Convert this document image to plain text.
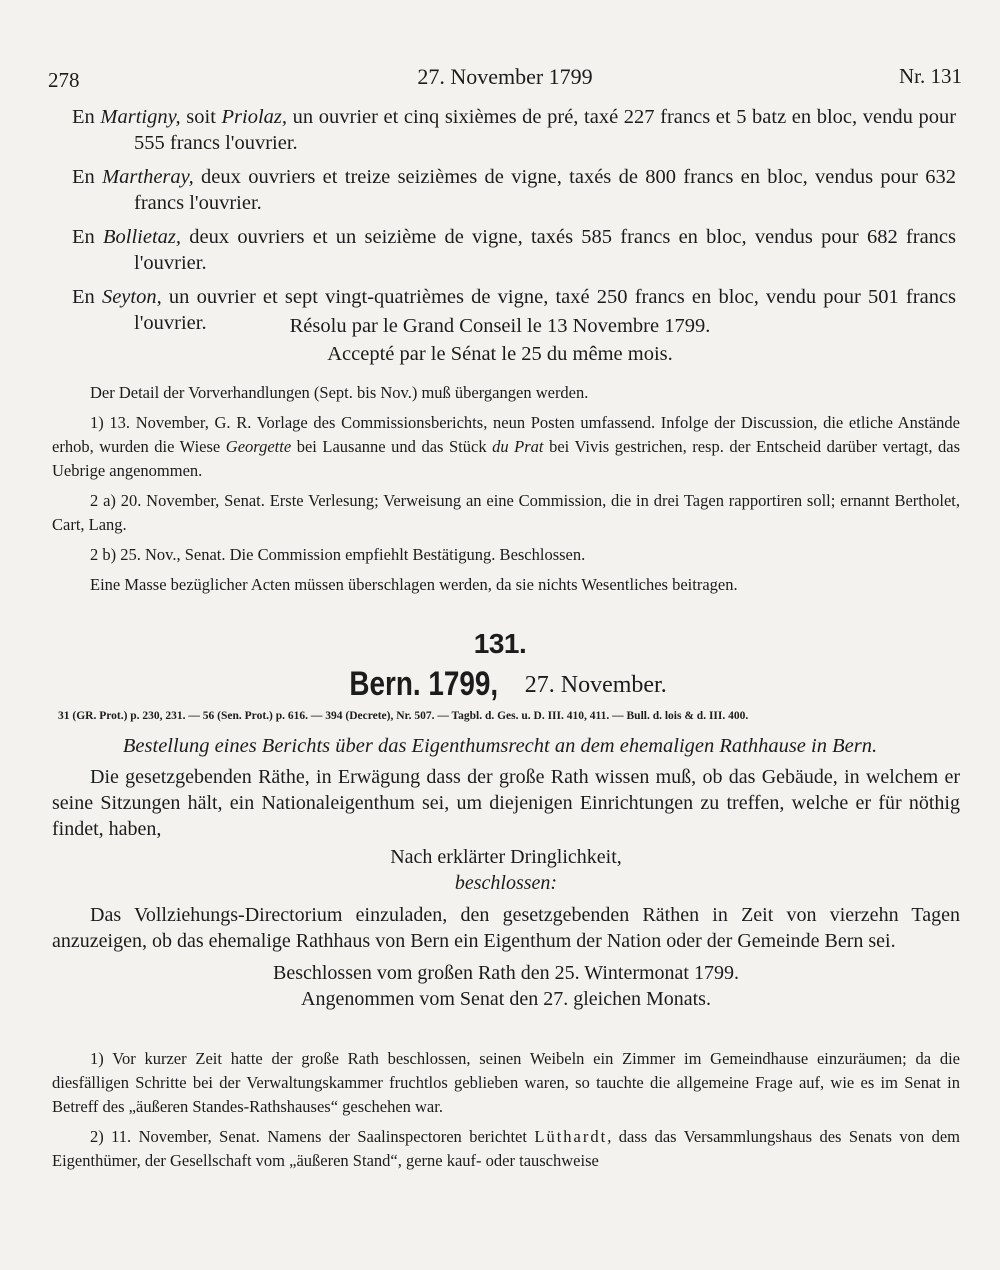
278	27. November 1799	Nr. 131

En Martigny, soit Priolaz, un ouvrier et cinq sixièmes de pré, taxé 227 francs et 5 batz en bloc, vendu pour 555 francs l'ouvrier.

En Martheray, deux ouvriers et treize seizièmes de vigne, taxés de 800 francs en bloc, vendus pour 632 francs l'ouvrier.

En Bollietaz, deux ouvriers et un seizième de vigne, taxés 585 francs en bloc, vendus pour 682 francs l'ouvrier.

En Seyton, un ouvrier et sept vingt-quatrièmes de vigne, taxé 250 francs en bloc, vendu pour 501 francs l'ouvrier.	Résolu par le Grand Conseil le 13 Novembre 1799.
Accepté par le Sénat le 25 du même mois.

Der Detail der Vorverhandlungen (Sept. bis Nov.) muß übergangen werden.

1) 13. November, G. R. Vorlage des Commissionsberichts, neun Posten umfassend. Infolge der Discussion, die etliche Anstände erhob, wurden die Wiese Georgette bei Lausanne und das Stück du Prat bei Vivis gestrichen, resp. der Entscheid darüber vertagt, das Uebrige angenommen.

2 a) 20. November, Senat. Erste Verlesung; Verweisung an eine Commission, die in drei Tagen rapportiren soll; ernannt Bertholet, Cart, Lang.

2 b) 25. Nov., Senat. Die Commission empfiehlt Bestätigung. Beschlossen.

Eine Masse bezüglicher Acten müssen überschlagen werden, da sie nichts Wesentliches beitragen.

131.
Bern. 1799, 27. November.
31 (GR. Prot.) p. 230, 231. — 56 (Sen. Prot.) p. 616. — 394 (Decrete), Nr. 507. — Tagbl. d. Ges. u. D. III. 410, 411. — Bull. d. lois & d. III. 400.
Bestellung eines Berichts über das Eigenthumsrecht an dem ehemaligen Rathhause in Bern.

Die gesetzgebenden Räthe, in Erwägung dass der große Rath wissen muß, ob das Gebäude, in welchem er seine Sitzungen hält, ein Nationaleigenthum sei, um diejenigen Einrichtungen zu treffen, welche er für nöthig findet, haben,

Nach erklärter Dringlichkeit,

beschlossen:

Das Vollziehungs-Directorium einzuladen, den gesetzgebenden Räthen in Zeit von vierzehn Tagen anzuzeigen, ob das ehemalige Rathhaus von Bern ein Eigenthum der Nation oder der Gemeinde Bern sei.

Beschlossen vom großen Rath den 25. Wintermonat 1799.

Angenommen vom Senat den 27. gleichen Monats.

1) Vor kurzer Zeit hatte der große Rath beschlossen, seinen Weibeln ein Zimmer im Gemeindhause einzuräumen; da die diesfälligen Schritte bei der Verwaltungskammer fruchtlos geblieben waren, so tauchte die allgemeine Frage auf, wie es im Senat in Betreff des „äußeren Standes-Rathshauses“ geschehen war.

2) 11. November, Senat. Namens der Saalinspectoren berichtet Lüthardt, dass das Versammlungshaus des Senats von dem Eigenthümer, der Gesellschaft vom „äußeren Stand“, gerne kauf- oder tauschweise
